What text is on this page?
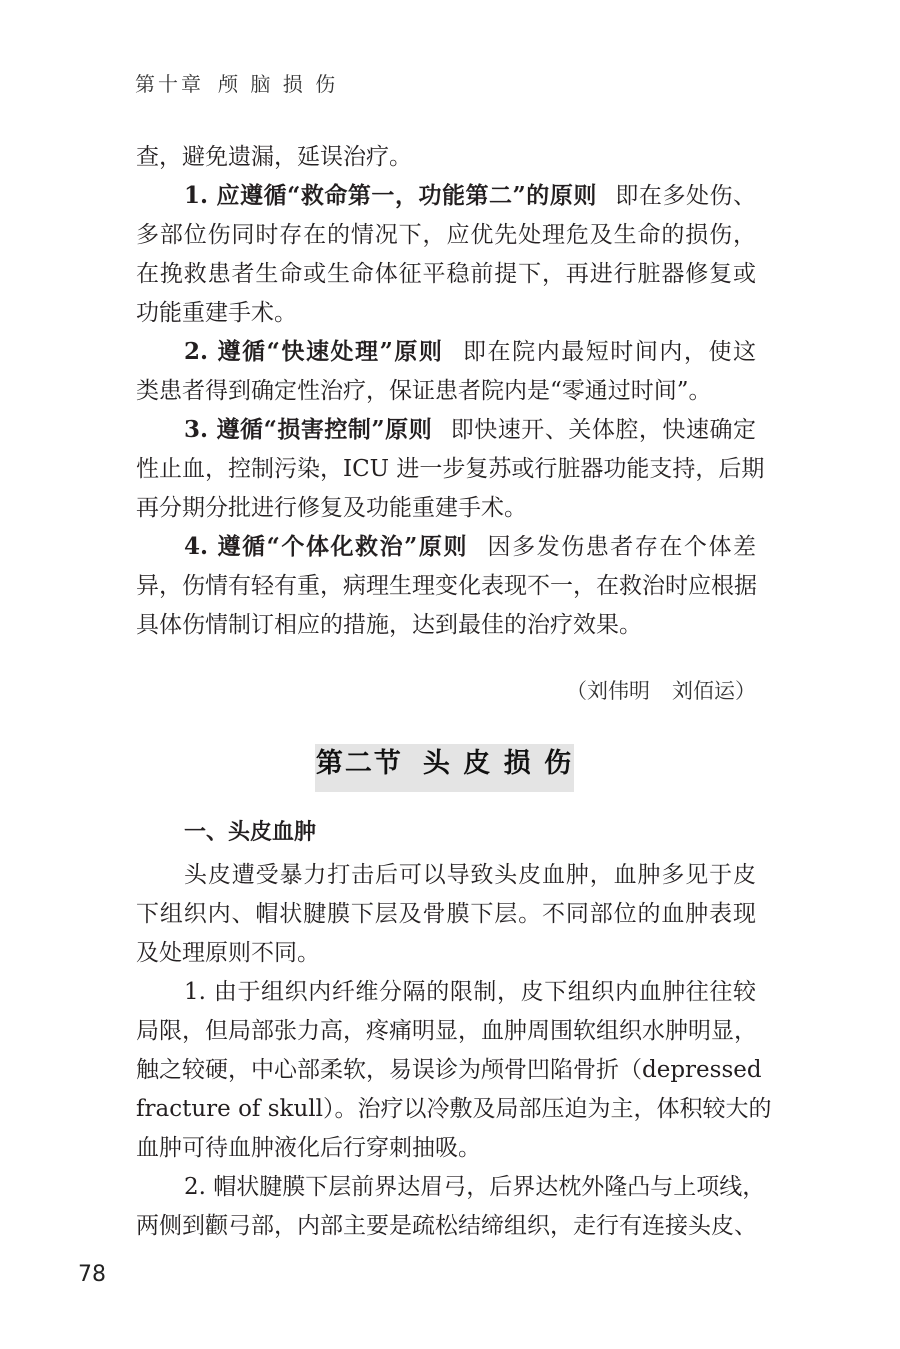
第十章 颅 脑 损 伤
查，避免遗漏，延误治疗。
1. 应遵循“救命第一，功能第二”的原则 即在多处伤、
多部位伤同时存在的情况下，应优先处理危及生命的损伤，
在挽救患者生命或生命体征平稳前提下，再进行脏器修复或
功能重建手术。
2. 遵循“快速处理”原则 即在院内最短时间内，使这
类患者得到确定性治疗，保证患者院内是“零通过时间”。
3. 遵循“损害控制”原则 即快速开、关体腔，快速确定
性止血，控制污染，ICU 进一步复苏或行脏器功能支持，后期
再分期分批进行修复及功能重建手术。
4. 遵循“个体化救治”原则 因多发伤患者存在个体差
异，伤情有轻有重，病理生理变化表现不一，在救治时应根据
具体伤情制订相应的措施，达到最佳的治疗效果。
（刘伟明 刘佰运）
第二节 头 皮 损 伤
一、头皮血肿
头皮遭受暴力打击后可以导致头皮血肿，血肿多见于皮
下组织内、帽状腱膜下层及骨膜下层。不同部位的血肿表现
及处理原则不同。
1. 由于组织内纤维分隔的限制，皮下组织内血肿往往较
局限，但局部张力高，疼痛明显，血肿周围软组织水肿明显，
触之较硬，中心部柔软，易误诊为颅骨凹陷骨折（depressed
fracture of skull）。治疗以冷敷及局部压迫为主，体积较大的
血肿可待血肿液化后行穿刺抽吸。
2. 帽状腱膜下层前界达眉弓，后界达枕外隆凸与上项线，
两侧到颧弓部，内部主要是疏松结缔组织，走行有连接头皮、
78
